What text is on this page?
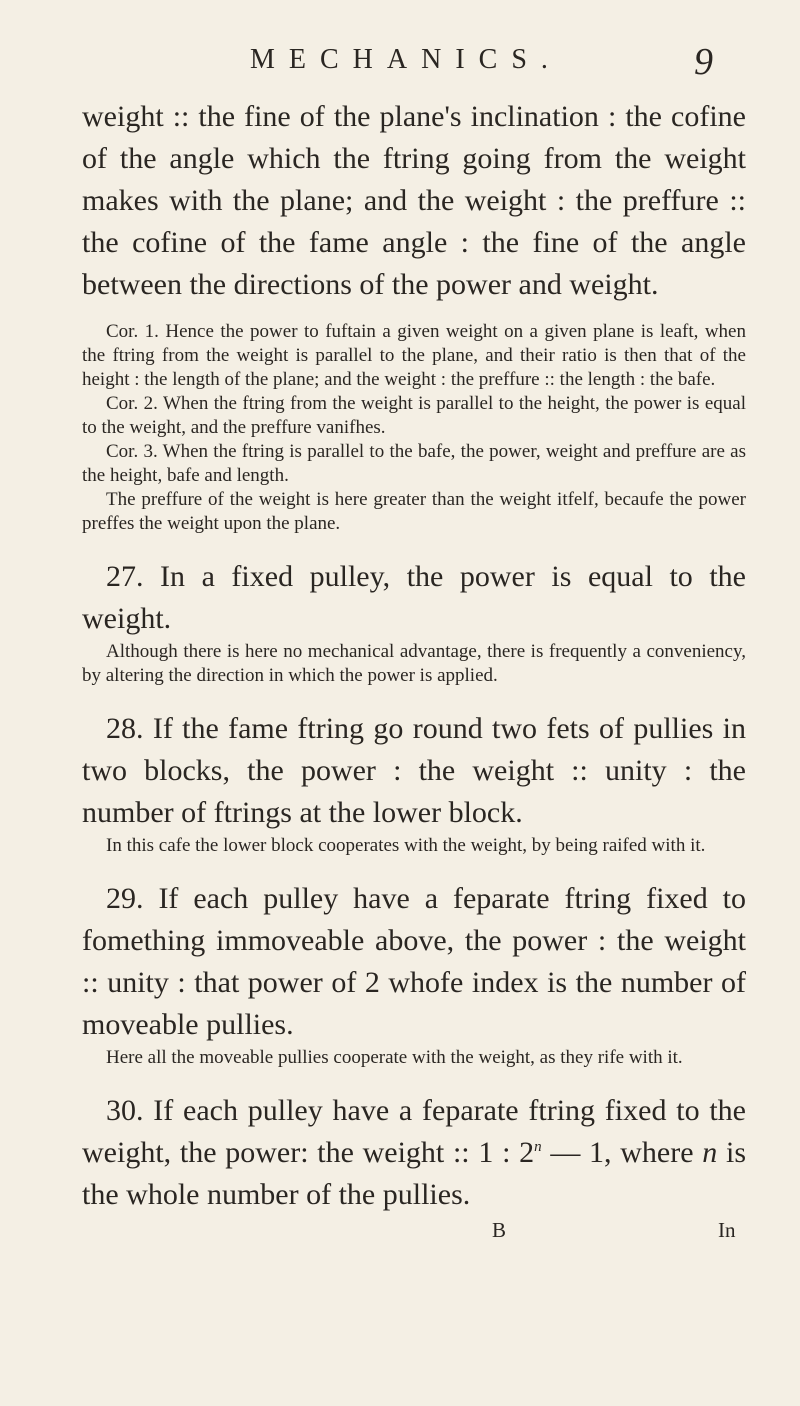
MECHANICS.	9

weight :: the fine of the plane's inclination : the cofine of the angle which the ftring going from the weight makes with the plane; and the weight : the preffure :: the cofine of the fame angle : the fine of the angle between the directions of the power and weight.

Cor. 1. Hence the power to fuftain a given weight on a given plane is leaft, when the ftring from the weight is parallel to the plane, and their ratio is then that of the height : the length of the plane; and the weight : the preffure :: the length : the bafe.

Cor. 2. When the ftring from the weight is parallel to the height, the power is equal to the weight, and the preffure vanifhes.

Cor. 3. When the ftring is parallel to the bafe, the power, weight and preffure are as the height, bafe and length.

The preffure of the weight is here greater than the weight itfelf, becaufe the power preffes the weight upon the plane.

27. In a fixed pulley, the power is equal to the weight.

Although there is here no mechanical advantage, there is frequently a conveniency, by altering the direction in which the power is applied.

28. If the fame ftring go round two fets of pullies in two blocks, the power : the weight :: unity : the number of ftrings at the lower block.

In this cafe the lower block cooperates with the weight, by being raifed with it.

29. If each pulley have a feparate ftring fixed to fomething immoveable above, the power : the weight :: unity : that power of 2 whofe index is the number of moveable pullies.

Here all the moveable pullies cooperate with the weight, as they rife with it.

30. If each pulley have a feparate ftring fixed to the weight, the power: the weight :: 1 : 2$^n$ — 1, where n is the whole number of the pullies.

B	In
